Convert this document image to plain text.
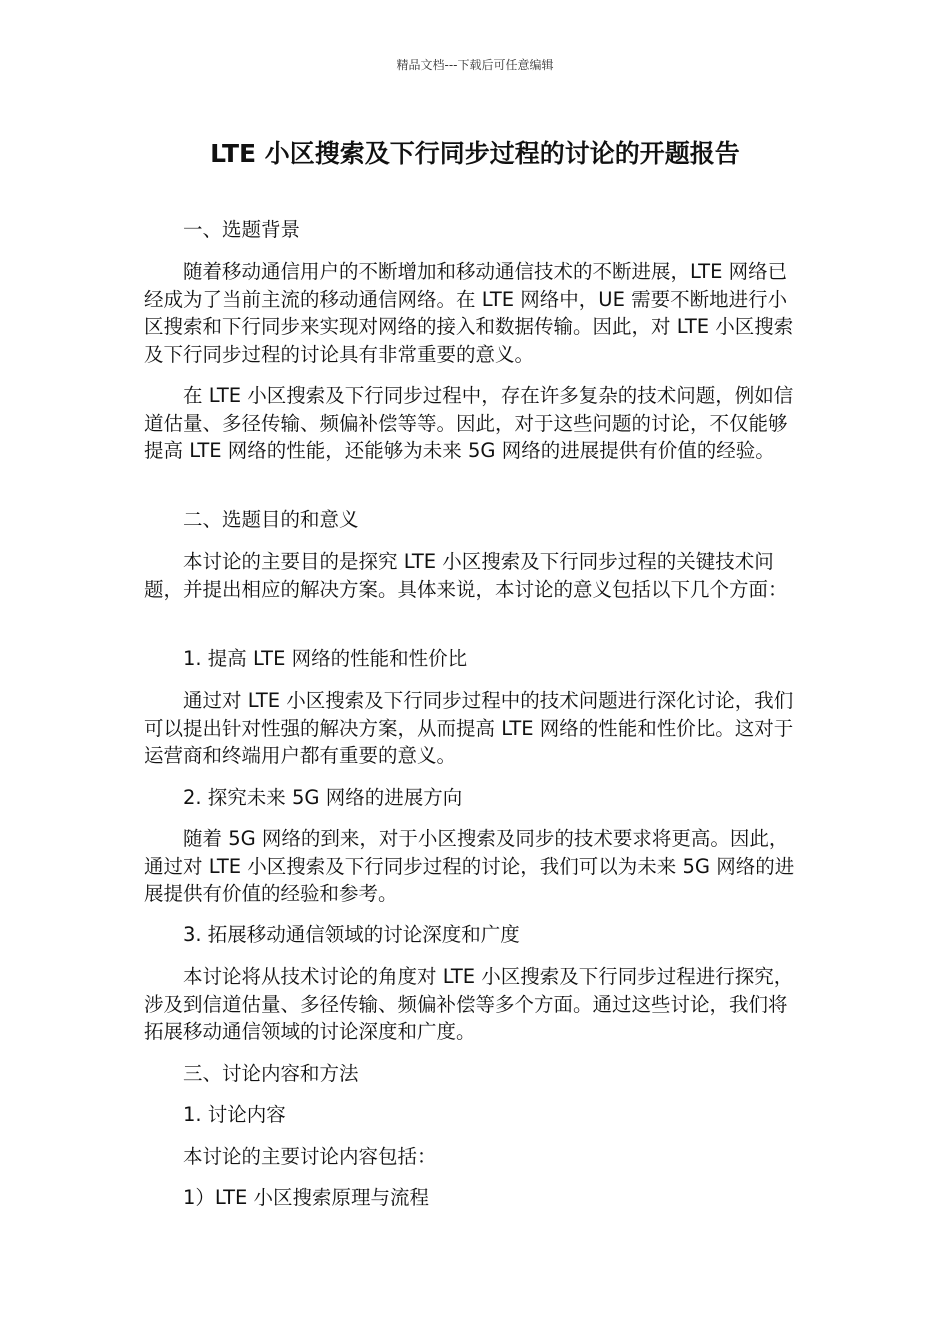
精品文档---下载后可任意编辑
LTE 小区搜索及下行同步过程的讨论的开题报告

一、选题背景

随着移动通信用户的不断增加和移动通信技术的不断进展，LTE 网络已经成为了当前主流的移动通信网络。在 LTE 网络中，UE 需要不断地进行小区搜索和下行同步来实现对网络的接入和数据传输。因此，对 LTE 小区搜索及下行同步过程的讨论具有非常重要的意义。

在 LTE 小区搜索及下行同步过程中，存在许多复杂的技术问题，例如信道估量、多径传输、频偏补偿等等。因此，对于这些问题的讨论，不仅能够提高 LTE 网络的性能，还能够为未来 5G 网络的进展提供有价值的经验。

二、选题目的和意义

本讨论的主要目的是探究 LTE 小区搜索及下行同步过程的关键技术问题，并提出相应的解决方案。具体来说，本讨论的意义包括以下几个方面：

1. 提高 LTE 网络的性能和性价比

通过对 LTE 小区搜索及下行同步过程中的技术问题进行深化讨论，我们可以提出针对性强的解决方案，从而提高 LTE 网络的性能和性价比。这对于运营商和终端用户都有重要的意义。

2. 探究未来 5G 网络的进展方向

随着 5G 网络的到来，对于小区搜索及同步的技术要求将更高。因此，通过对 LTE 小区搜索及下行同步过程的讨论，我们可以为未来 5G 网络的进展提供有价值的经验和参考。

3. 拓展移动通信领域的讨论深度和广度

本讨论将从技术讨论的角度对 LTE 小区搜索及下行同步过程进行探究，涉及到信道估量、多径传输、频偏补偿等多个方面。通过这些讨论，我们将拓展移动通信领域的讨论深度和广度。

三、讨论内容和方法

1. 讨论内容

本讨论的主要讨论内容包括：

1）LTE 小区搜索原理与流程
